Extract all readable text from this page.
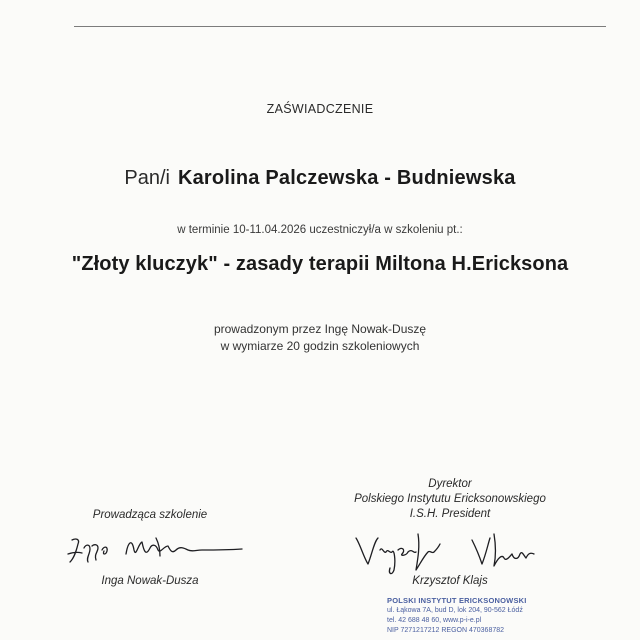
ZAŚWIADCZENIE
Pan/i Karolina Palczewska - Budniewska
w terminie 10-11.04.2026 uczestniczył/a w szkoleniu pt.:
"Złoty kluczyk" - zasady terapii Miltona H.Ericksona
prowadzonym przez Ingę Nowak-Duszę
w wymiarze 20 godzin szkoleniowych
Prowadząca szkolenie
Inga Nowak-Dusza
Dyrektor
Polskiego Instytutu Ericksonowskiego
I.S.H. President
Krzysztof Klajs
POLSKI INSTYTUT ERICKSONOWSKI
ul. Łąkowa 7A, bud D, lok 204, 90-562 Łódź
tel. 42 688 48 60, www.p-i-e.pl
NIP 7271217212 REGON 470368782
